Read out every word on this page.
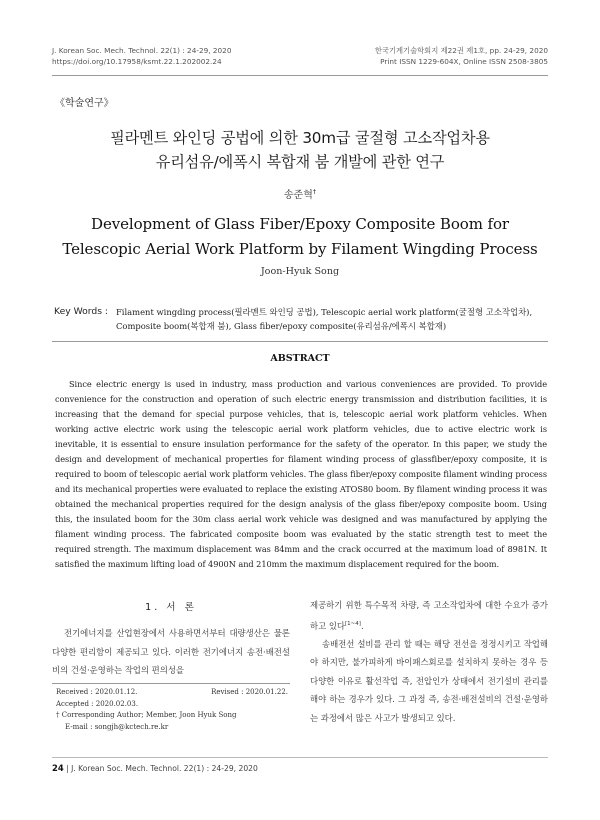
J. Korean Soc. Mech. Technol. 22(1) : 24-29, 2020
https://doi.org/10.17958/ksmt.22.1.202002.24
한국기계기술학회지 제22권 제1호, pp. 24-29, 2020
Print ISSN 1229-604X, Online ISSN 2508-3805
《학술연구》
필라멘트 와인딩 공법에 의한 30m급 굴절형 고소작업차용
유리섬유/에폭시 복합재 붐 개발에 관한 연구
송준혁†
Development of Glass Fiber/Epoxy Composite Boom for
Telescopic Aerial Work Platform by Filament Wingding Process
Joon-Hyuk Song
Key Words : Filament wingding process(필라멘트 와인딩 공법), Telescopic aerial work platform(굴절형 고소작업차),
Composite boom(복합재 붐), Glass fiber/epoxy composite(유리섬유/에폭시 복합재)
ABSTRACT
Since electric energy is used in industry, mass production and various conveniences are provided. To provide convenience for the construction and operation of such electric energy transmission and distribution facilities, it is increasing that the demand for special purpose vehicles, that is, telescopic aerial work platform vehicles. When working active electric work using the telescopic aerial work platform vehicles, due to active electric work is inevitable, it is essential to ensure insulation performance for the safety of the operator. In this paper, we study the design and development of mechanical properties for filament winding process of glassfiber/epoxy composite, it is required to boom of telescopic aerial work platform vehicles. The glass fiber/epoxy composite filament winding process and its mechanical properties were evaluated to replace the existing ATOS80 boom. By filament winding process it was obtained the mechanical properties required for the design analysis of the glass fiber/epoxy composite boom. Using this, the insulated boom for the 30m class aerial work vehicle was designed and was manufactured by applying the filament winding process. The fabricated composite boom was evaluated by the static strength test to meet the required strength. The maximum displacement was 84mm and the crack occurred at the maximum load of 8981N. It satisfied the maximum lifting load of 4900N and 210mm the maximum displacement required for the boom.
1. 서 론
전기에너지를 산업현장에서 사용하면서부터 대량생산은 물론 다양한 편리함이 제공되고 있다. 이러한 전기에너지 송전·배전설비의 건설·운영하는 작업의 편의성을
제공하기 위한 특수목적 차량, 즉 고소작업차에 대한 수요가 증가 하고 있다[1~4].
송배전선 설비를 관리 할 때는 해당 전선을 정정시키고 작업해야 하지만, 불가피하게 바이패스회로를 설치하지 못하는 경우 등 다양한 이유로 활선작업 즉, 전압인가 상태에서 전기설비 관리를 해야 하는 경우가 있다. 그 과정 즉, 송전·배전설비의 건설·운영하는 과정에서 많은 사고가 발생되고 있다.
Received : 2020.01.12.	Revised : 2020.01.22.
Accepted : 2020.02.03.
† Corresponding Author; Member, Joon Hyuk Song
E-mail : songjh@kctech.re.kr
24 | J. Korean Soc. Mech. Technol. 22(1) : 24-29, 2020
